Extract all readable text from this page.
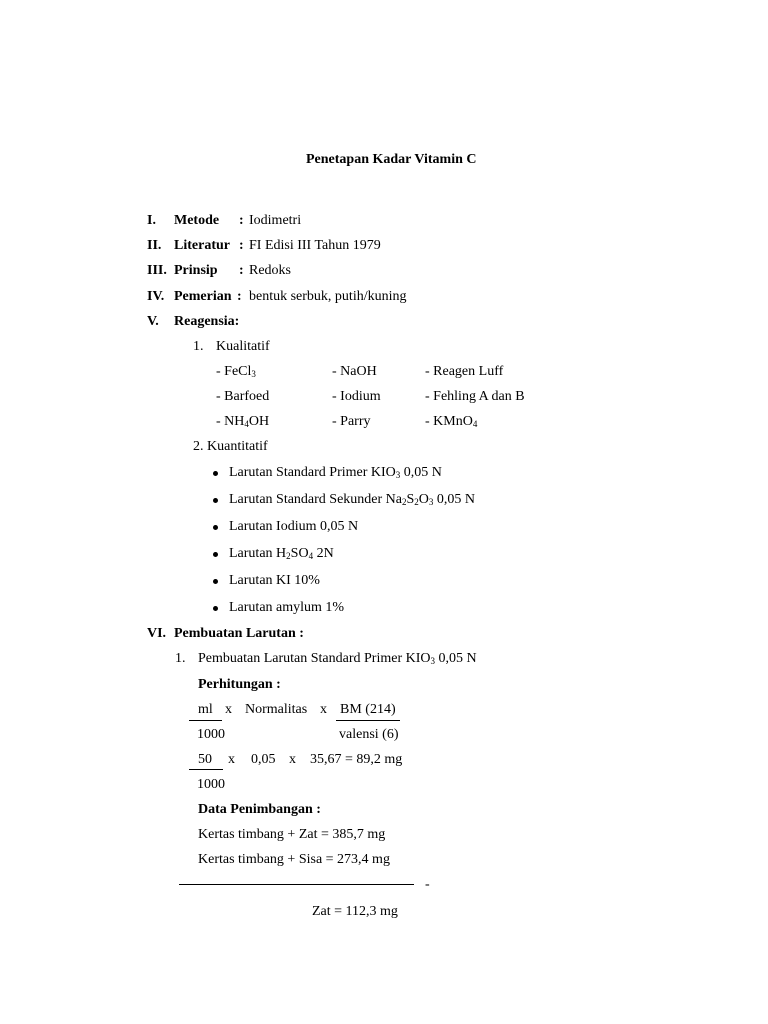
Penetapan Kadar Vitamin C
I. Metode : Iodimetri
II. Literatur : FI Edisi III Tahun 1979
III. Prinsip : Redoks
IV. Pemerian : bentuk serbuk, putih/kuning
V. Reagensia:
1. Kualitatif
- FeCl$_3$	- NaOH	- Reagen Luff
- Barfoed	- Iodium	- Fehling A dan B
- $NH_4OH$	- Parry	- KMnO$_4$
2. Kuantitatif
Larutan Standard Primer $KIO_3$ 0,05 N
Larutan Standard Sekunder $Na_2S_2O_3$ 0,05 N
Larutan Iodium 0,05 N
Larutan $H_2SO_4$ 2N
Larutan KI 10%
Larutan amylum 1%
VI. Pembuatan Larutan :
1. Pembuatan Larutan Standard Primer $KIO_3$ 0,05 N
Perhitungan :
ml x Normalitas x BM (214)
1000	valensi (6)
50 x 0,05 x 35,67 = 89,2 mg
1000
Data Penimbangan :
Kertas timbang + Zat = 385,7 mg
Kertas timbang + Sisa = 273,4 mg
-
Zat = 112,3 mg
